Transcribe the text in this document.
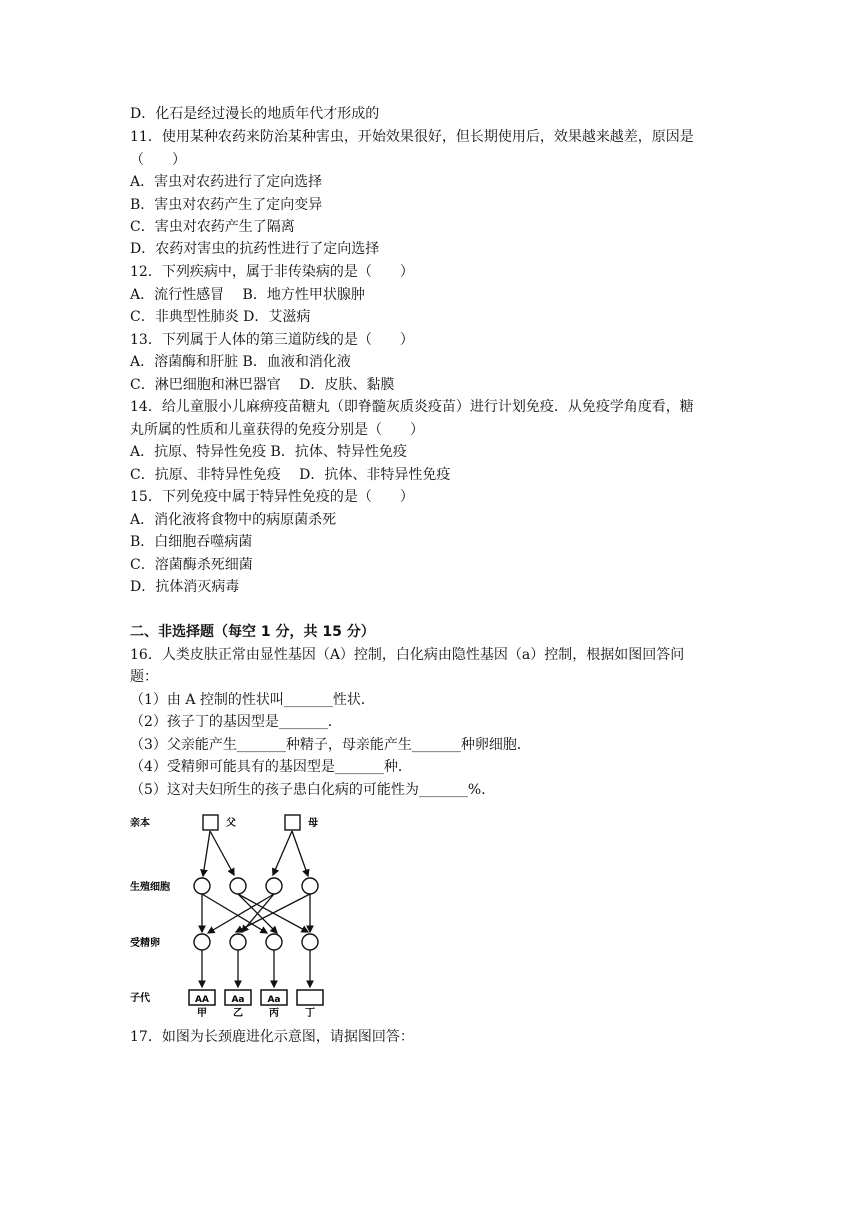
D．化石是经过漫长的地质年代才形成的
11．使用某种农药来防治某种害虫，开始效果很好，但长期使用后，效果越来越差，原因是
（　　）
A．害虫对农药进行了定向选择
B．害虫对农药产生了定向变异
C．害虫对农药产生了隔离
D．农药对害虫的抗药性进行了定向选择
12．下列疾病中，属于非传染病的是（　　）
A．流行性感冒　 B．地方性甲状腺肿
C．非典型性肺炎 D．艾滋病
13．下列属于人体的第三道防线的是（　　）
A．溶菌酶和肝脏 B．血液和消化液
C．淋巴细胞和淋巴器官　 D．皮肤、黏膜
14．给儿童服小儿麻痹疫苗糖丸（即脊髓灰质炎疫苗）进行计划免疫．从免疫学角度看，糖
丸所属的性质和儿童获得的免疫分别是（　　）
A．抗原、特异性免疫 B．抗体、特异性免疫
C．抗原、非特异性免疫　 D．抗体、非特异性免疫
15．下列免疫中属于特异性免疫的是（　　）
A．消化液将食物中的病原菌杀死
B．白细胞吞噬病菌
C．溶菌酶杀死细菌
D．抗体消灭病毒
二、非选择题（每空 1 分，共 15 分）
16．人类皮肤正常由显性基因（A）控制，白化病由隐性基因（a）控制，根据如图回答问
题：
（1）由 A 控制的性状叫_______性状．
（2）孩子丁的基因型是_______．
（3）父亲能产生_______种精子，母亲能产生_______种卵细胞．
（4）受精卵可能具有的基因型是_______种．
（5）这对夫妇所生的孩子患白化病的可能性为_______%．
17．如图为长颈鹿进化示意图，请据图回答：
亲本
生殖细胞
受精卵
子代
父	母
AA	Aa	Aa
甲	乙	丙	丁
